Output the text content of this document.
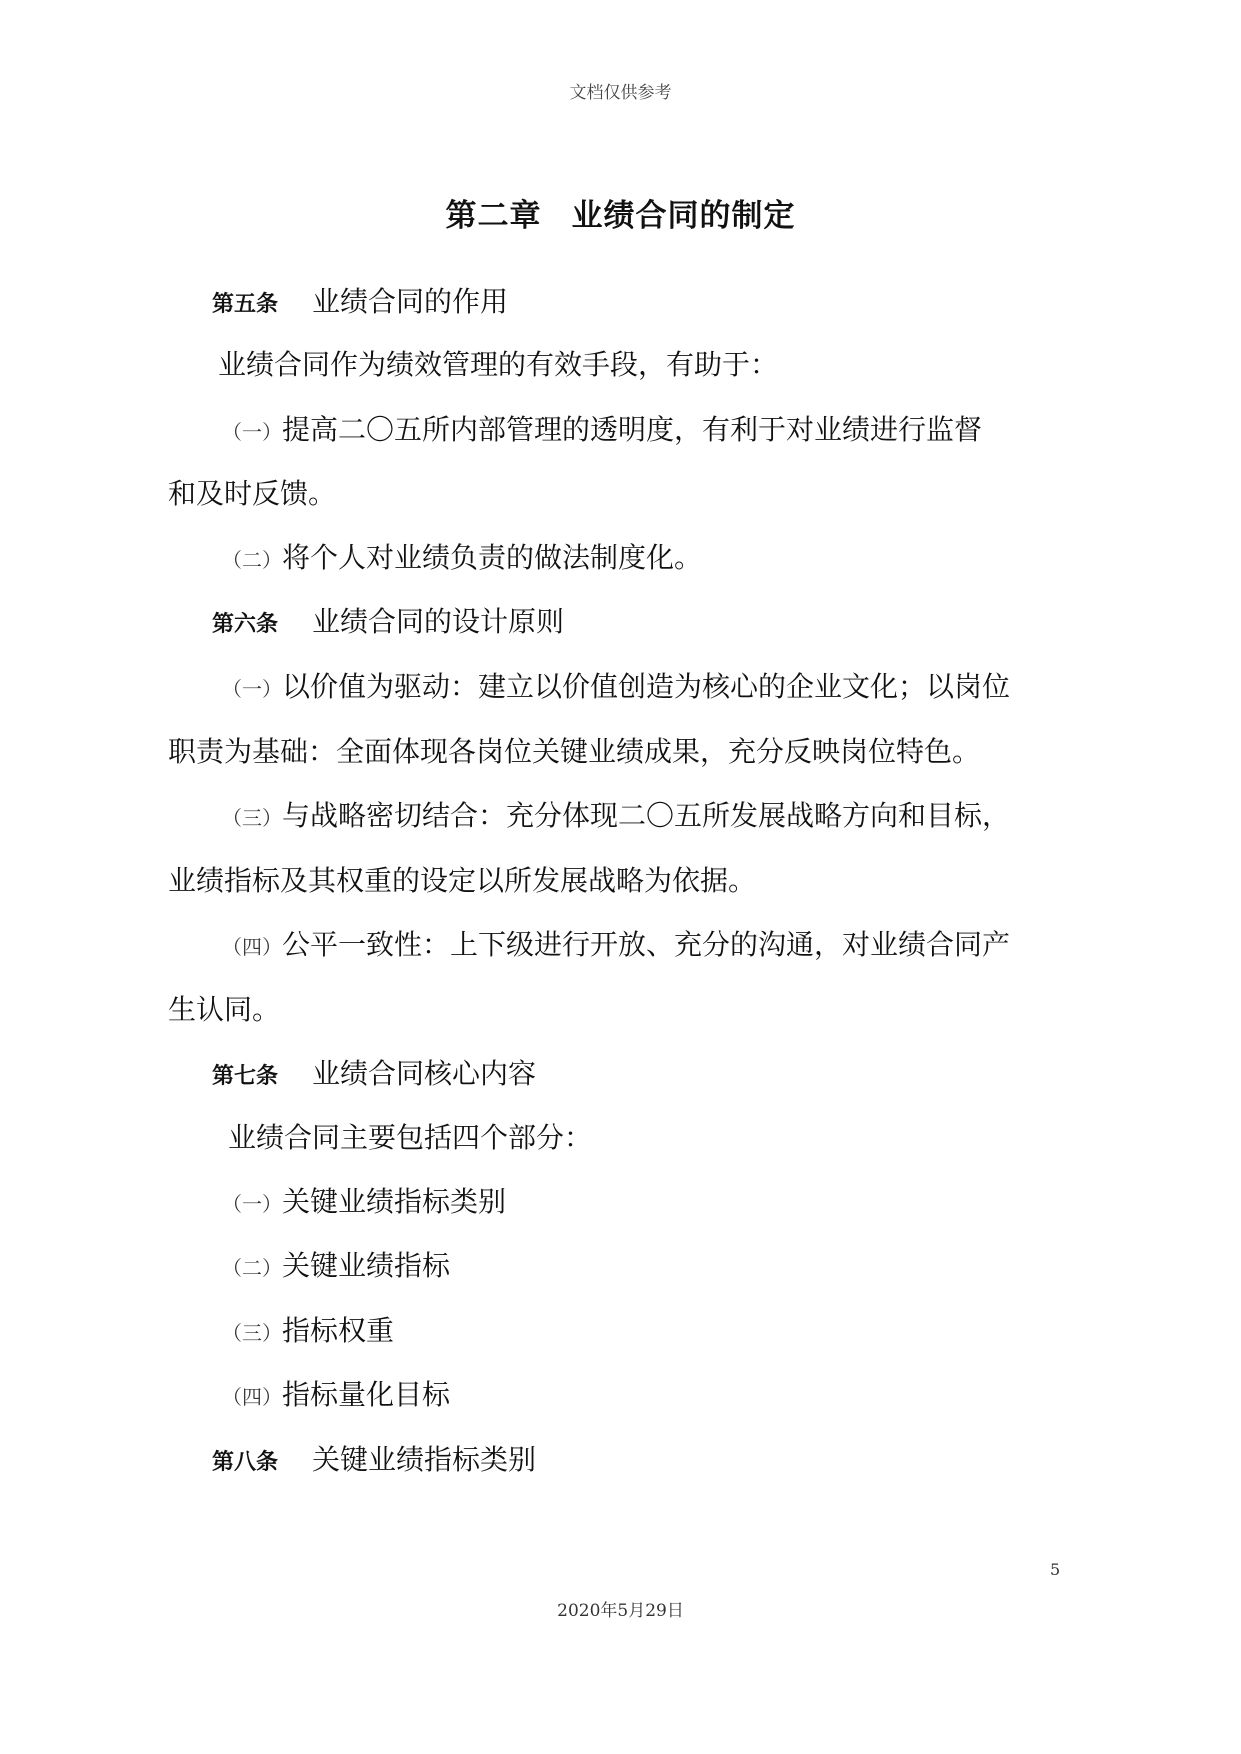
文档仅供参考
第二章 业绩合同的制定
第五条 业绩合同的作用
业绩合同作为绩效管理的有效手段，有助于：
（一）提高二〇五所内部管理的透明度，有利于对业绩进行监督
和及时反馈。
（二）将个人对业绩负责的做法制度化。
第六条 业绩合同的设计原则
（一）以价值为驱动：建立以价值创造为核心的企业文化；以岗位
职责为基础：全面体现各岗位关键业绩成果，充分反映岗位特色。
（三）与战略密切结合：充分体现二〇五所发展战略方向和目标，
业绩指标及其权重的设定以所发展战略为依据。
（四）公平一致性：上下级进行开放、充分的沟通，对业绩合同产
生认同。
第七条 业绩合同核心内容
业绩合同主要包括四个部分：
（一）关键业绩指标类别
（二）关键业绩指标
（三）指标权重
（四）指标量化目标
第八条 关键业绩指标类别
5
2020年5月29日
